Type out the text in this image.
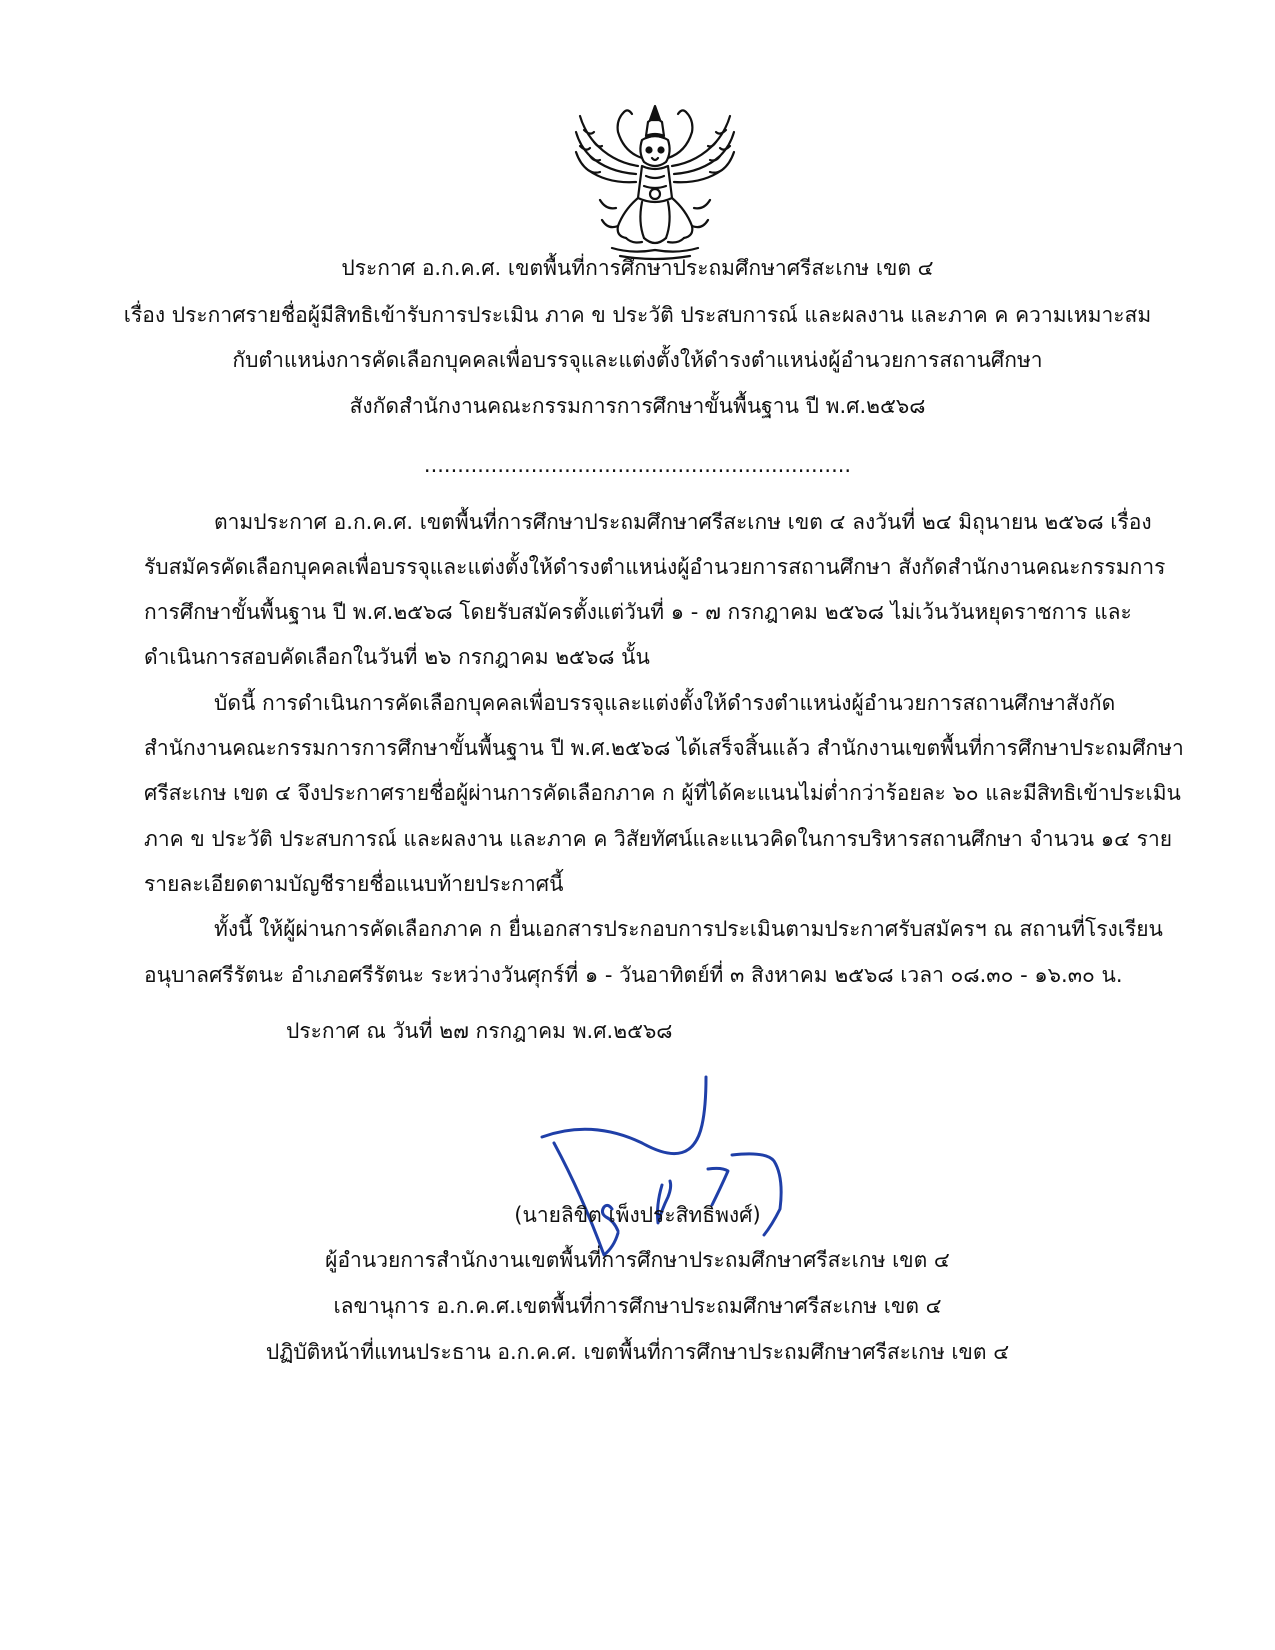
ประกาศ อ.ก.ค.ศ. เขตพื้นที่การศึกษาประถมศึกษาศรีสะเกษ เขต ๔
เรื่อง ประกาศรายชื่อผู้มีสิทธิเข้ารับการประเมิน ภาค ข ประวัติ ประสบการณ์ และผลงาน และภาค ค ความเหมาะสม
กับตำแหน่งการคัดเลือกบุคคลเพื่อบรรจุและแต่งตั้งให้ดำรงตำแหน่งผู้อำนวยการสถานศึกษา
สังกัดสำนักงานคณะกรรมการการศึกษาขั้นพื้นฐาน ปี พ.ศ.๒๕๖๘
................................................................
ตามประกาศ อ.ก.ค.ศ. เขตพื้นที่การศึกษาประถมศึกษาศรีสะเกษ เขต ๔ ลงวันที่ ๒๔ มิถุนายน ๒๕๖๘ เรื่อง
รับสมัครคัดเลือกบุคคลเพื่อบรรจุและแต่งตั้งให้ดำรงตำแหน่งผู้อำนวยการสถานศึกษา สังกัดสำนักงานคณะกรรมการ
การศึกษาขั้นพื้นฐาน ปี พ.ศ.๒๕๖๘ โดยรับสมัครตั้งแต่วันที่ ๑ - ๗ กรกฎาคม ๒๕๖๘ ไม่เว้นวันหยุดราชการ และ
ดำเนินการสอบคัดเลือกในวันที่ ๒๖ กรกฎาคม ๒๕๖๘ นั้น
บัดนี้ การดำเนินการคัดเลือกบุคคลเพื่อบรรจุและแต่งตั้งให้ดำรงตำแหน่งผู้อำนวยการสถานศึกษาสังกัด
สำนักงานคณะกรรมการการศึกษาขั้นพื้นฐาน ปี พ.ศ.๒๕๖๘ ได้เสร็จสิ้นแล้ว สำนักงานเขตพื้นที่การศึกษาประถมศึกษา
ศรีสะเกษ เขต ๔ จึงประกาศรายชื่อผู้ผ่านการคัดเลือกภาค ก ผู้ที่ได้คะแนนไม่ต่ำกว่าร้อยละ ๖๐ และมีสิทธิเข้าประเมิน
ภาค ข ประวัติ ประสบการณ์ และผลงาน และภาค ค วิสัยทัศน์และแนวคิดในการบริหารสถานศึกษา จำนวน ๑๔ ราย
รายละเอียดตามบัญชีรายชื่อแนบท้ายประกาศนี้
ทั้งนี้ ให้ผู้ผ่านการคัดเลือกภาค ก ยื่นเอกสารประกอบการประเมินตามประกาศรับสมัครฯ ณ สถานที่โรงเรียน
อนุบาลศรีรัตนะ อำเภอศรีรัตนะ ระหว่างวันศุกร์ที่ ๑ - วันอาทิตย์ที่ ๓ สิงหาคม ๒๕๖๘ เวลา ๐๘.๓๐ - ๑๖.๓๐ น.
ประกาศ ณ วันที่ ๒๗ กรกฎาคม พ.ศ.๒๕๖๘
(นายลิขิต เพ็งประสิทธิพงศ์)
ผู้อำนวยการสำนักงานเขตพื้นที่การศึกษาประถมศึกษาศรีสะเกษ เขต ๔
เลขานุการ อ.ก.ค.ศ.เขตพื้นที่การศึกษาประถมศึกษาศรีสะเกษ เขต ๔
ปฏิบัติหน้าที่แทนประธาน อ.ก.ค.ศ. เขตพื้นที่การศึกษาประถมศึกษาศรีสะเกษ เขต ๔
